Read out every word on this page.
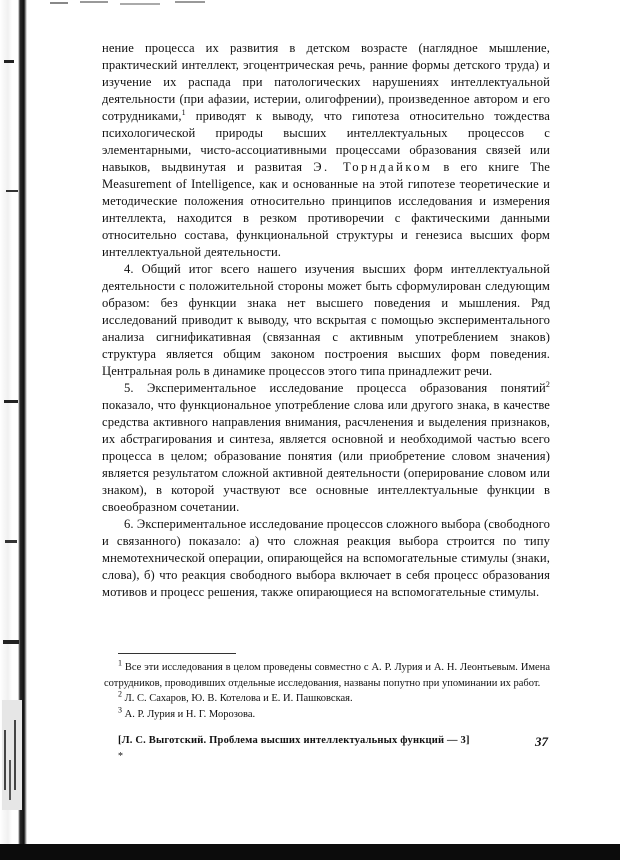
нение процесса их развития в детском возрасте (наглядное мышление, практический интеллект, эгоцентрическая речь, ранние формы детского труда) и изучение их распада при патологических нарушениях интеллектуальной деятельности (при афазии, истерии, олигофрении), произведенное автором и его сотрудниками,$^1$ приводят к выводу, что гипотеза относительно тождества психологической природы высших интеллектуальных процессов с элементарными, чисто-ассоциативными процессами образования связей или навыков, выдвинутая и развитая Э. Торндайком в его книге The Measurement of Intelligence, как и основанные на этой гипотезе теоретические и методические положения относительно принципов исследования и измерения интеллекта, находится в резком противоречии с фактическими данными относительно состава, функциональной структуры и генезиса высших форм интеллектуальной деятельности.

4. Общий итог всего нашего изучения высших форм интеллектуальной деятельности с положительной стороны может быть сформулирован следующим образом: без функции знака нет высшего поведения и мышления. Ряд исследований приводит к выводу, что вскрытая с помощью экспериментального анализа сигнификативная (связанная с активным употреблением знаков) структура является общим законом построения высших форм поведения. Центральная роль в динамике процессов этого типа принадлежит речи.

5. Экспериментальное исследование процесса образования понятий$^2$ показало, что функциональное употребление слова или другого знака, в качестве средства активного направления внимания, расчленения и выделения признаков, их абстрагирования и синтеза, является основной и необходимой частью всего процесса в целом; образование понятия (или приобретение словом значения) является результатом сложной активной деятельности (оперирование словом или знаком), в которой участвуют все основные интеллектуальные функции в своеобразном сочетании.

6. Экспериментальное исследование процессов сложного выбора (свободного и связанного) показало: а) что сложная реакция выбора строится по типу мнемотехнической операции, опирающейся на вспомогательные стимулы (знаки, слова), б) что реакция свободного выбора включает в себя процесс образования мотивов и процесс решения, также опирающиеся на вспомогательные стимулы.

$^1$ Все эти исследования в целом проведены совместно с А. Р. Лурия и А. Н. Леонтьевым. Имена сотрудников, проводивших отдельные исследования, названы попутно при упоминании их работ.

$^2$ Л. С. Сахаров, Ю. В. Котелова и Е. И. Пашковская.

$^3$ А. Р. Лурия и Н. Г. Морозова.

[Л. С. Выготский. Проблема высших интеллектуальных функций — 3]
*
37
